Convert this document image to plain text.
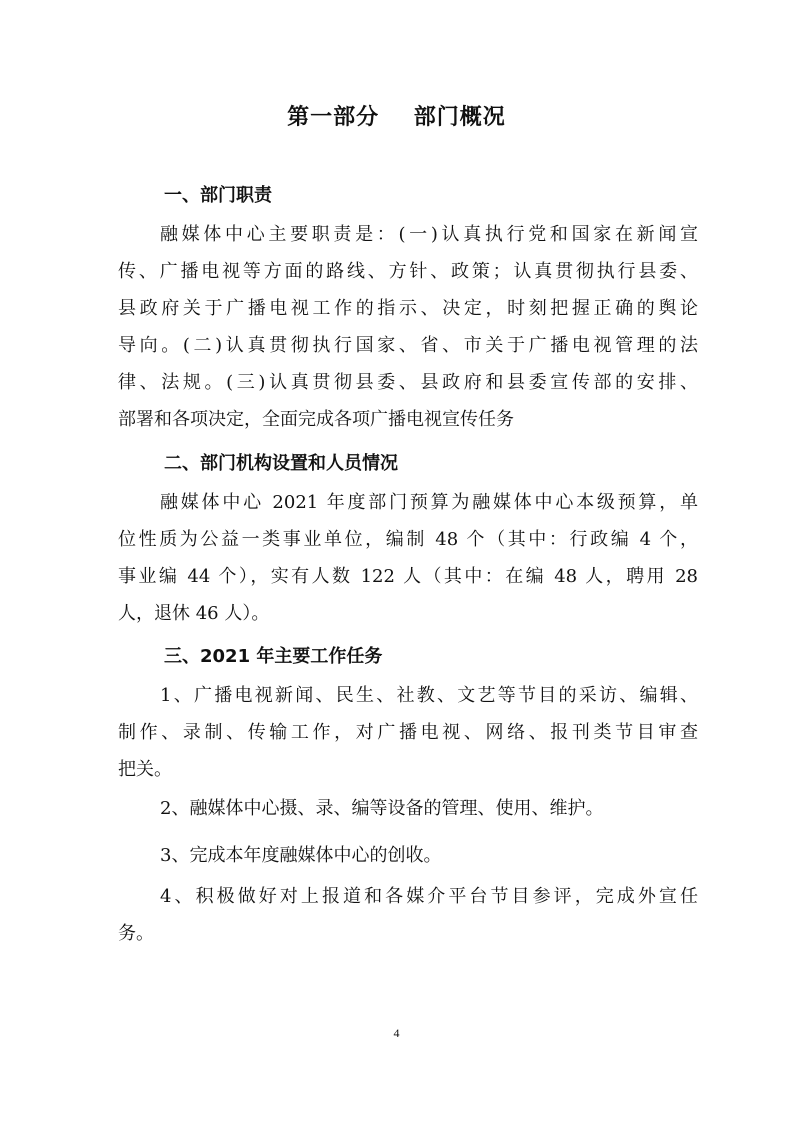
第一部分    部门概况
一、部门职责
融媒体中心主要职责是：(一)认真执行党和国家在新闻宣
传、广播电视等方面的路线、方针、政策；认真贯彻执行县委、
县政府关于广播电视工作的指示、决定，时刻把握正确的舆论
导向。(二)认真贯彻执行国家、省、市关于广播电视管理的法
律、法规。(三)认真贯彻县委、县政府和县委宣传部的安排、
部署和各项决定，全面完成各项广播电视宣传任务
二、部门机构设置和人员情况
融媒体中心 2021 年度部门预算为融媒体中心本级预算，单
位性质为公益一类事业单位，编制 48 个（其中：行政编 4 个，
事业编 44 个），实有人数 122 人（其中：在编 48 人，聘用 28
人，退休 46 人）。
三、2021 年主要工作任务
1、广播电视新闻、民生、社教、文艺等节目的采访、编辑、
制作、录制、传输工作，对广播电视、网络、报刊类节目审查
把关。
2、融媒体中心摄、录、编等设备的管理、使用、维护。
3、完成本年度融媒体中心的创收。
4、积极做好对上报道和各媒介平台节目参评，完成外宣任
务。
4
